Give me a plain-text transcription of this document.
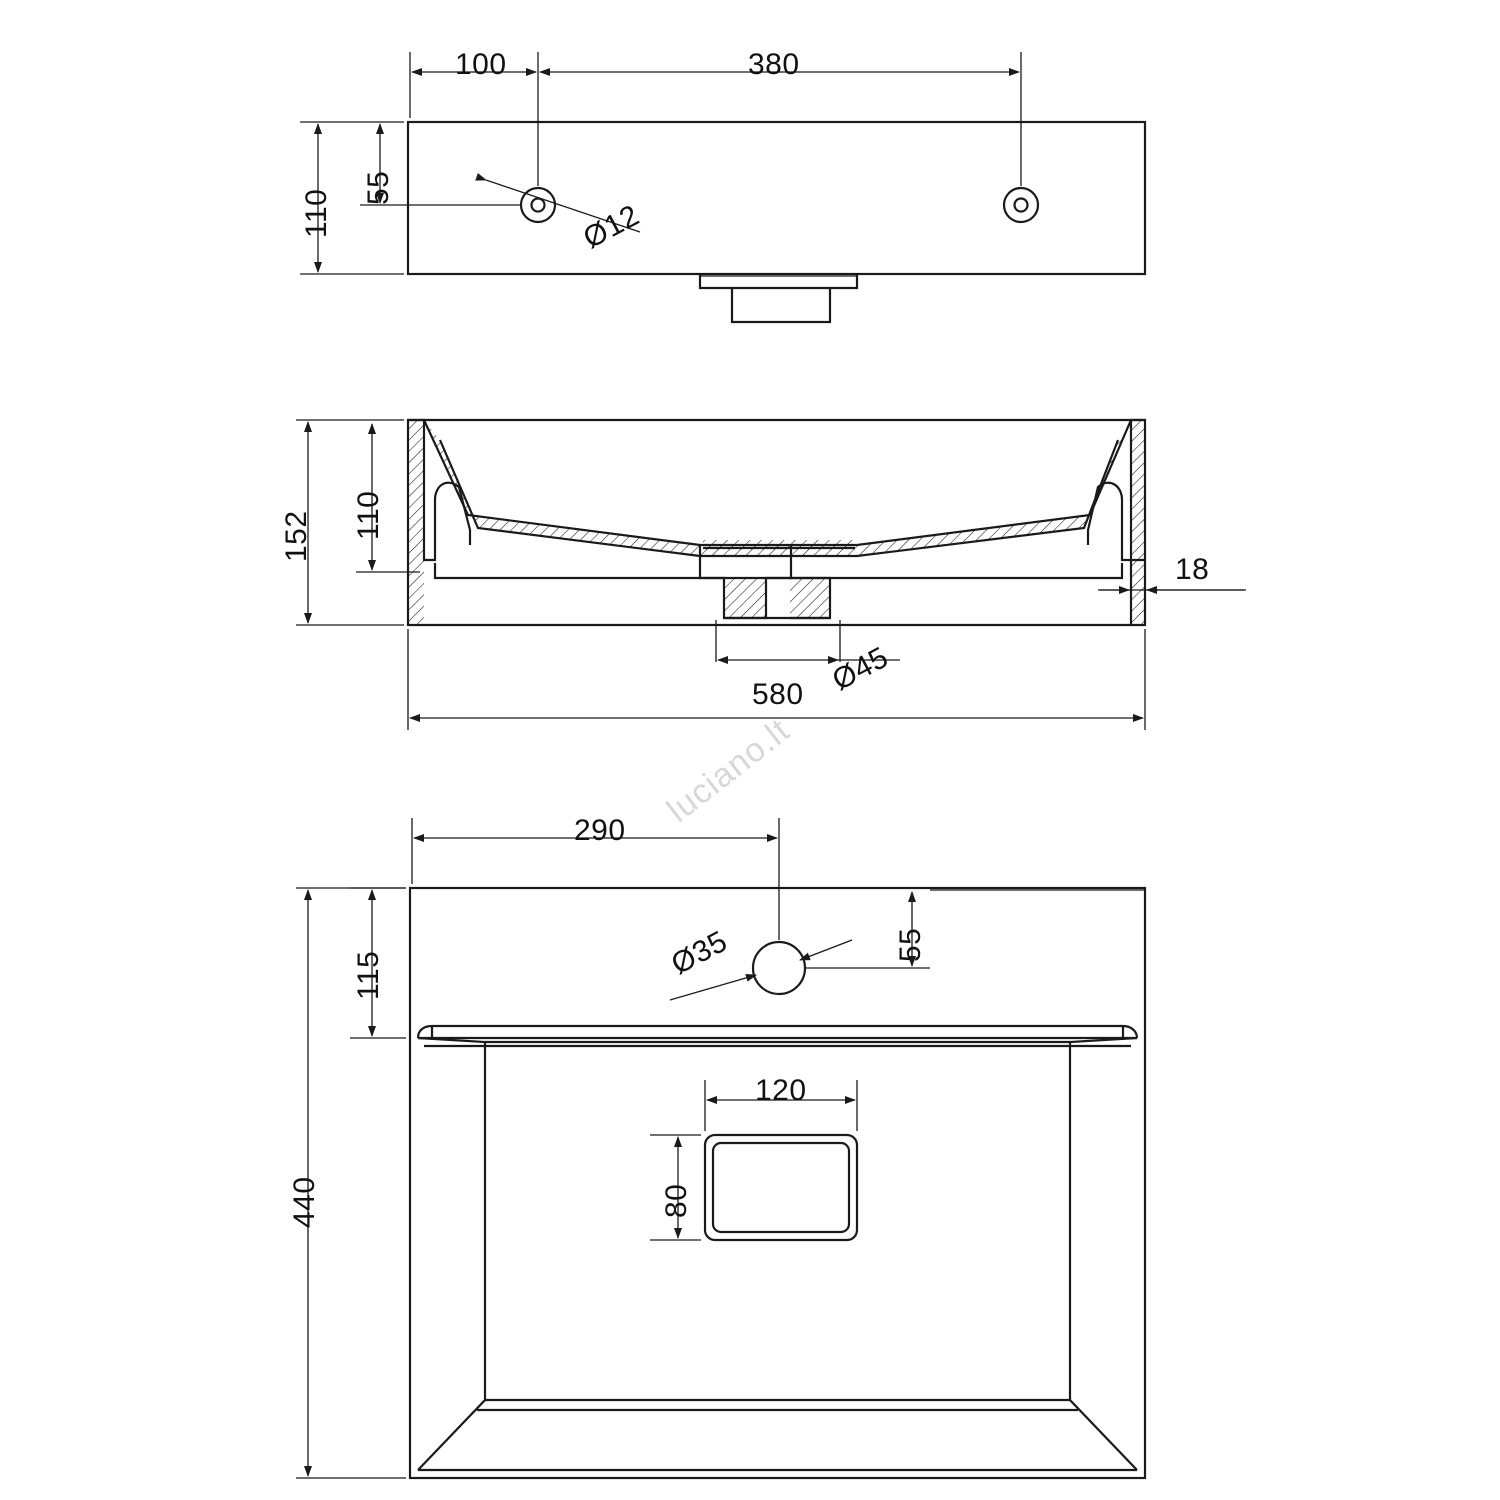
100	380
110
55
Ø12
152 110
18
Ø45
580
290
55
Ø35
115
440
120
80
luciano.lt
